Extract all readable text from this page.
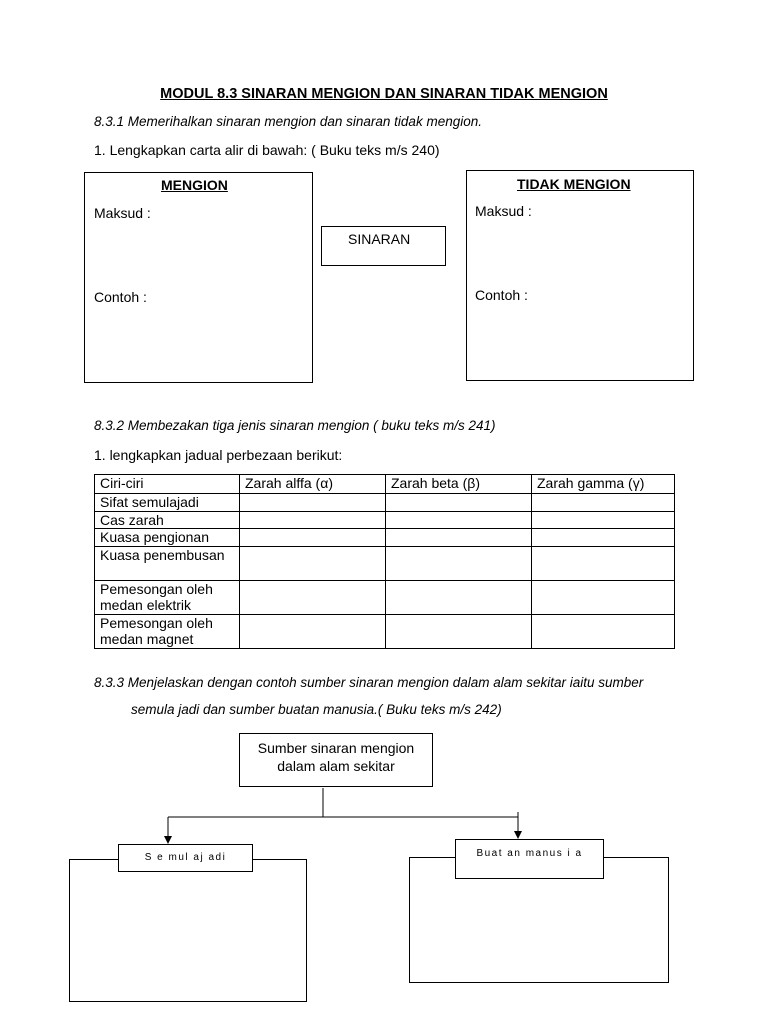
MODUL 8.3 SINARAN MENGION DAN SINARAN TIDAK MENGION
8.3.1 Memerihalkan sinaran mengion dan sinaran tidak mengion.
1. Lengkapkan carta alir di bawah: ( Buku teks m/s 240)
MENGION
Maksud :
Contoh :
SINARAN
TIDAK MENGION
Maksud :
Contoh :
8.3.2 Membezakan tiga jenis sinaran mengion ( buku teks m/s 241)
1. lengkapkan jadual perbezaan berikut:
Ciri-ciri	Zarah alffa (α)	Zarah beta (β)	Zarah gamma (γ)
Sifat semulajadi			
Cas zarah			
Kuasa pengionan			
Kuasa penembusan			
Pemesongan oleh medan elektrik			
Pemesongan oleh medan magnet			
8.3.3 Menjelaskan dengan contoh sumber sinaran mengion dalam alam sekitar iaitu sumber
semula jadi dan sumber buatan manusia.( Buku teks m/s 242)
Sumber sinaran mengion dalam alam sekitar
S e mul aj adi	Buat an manus i a
